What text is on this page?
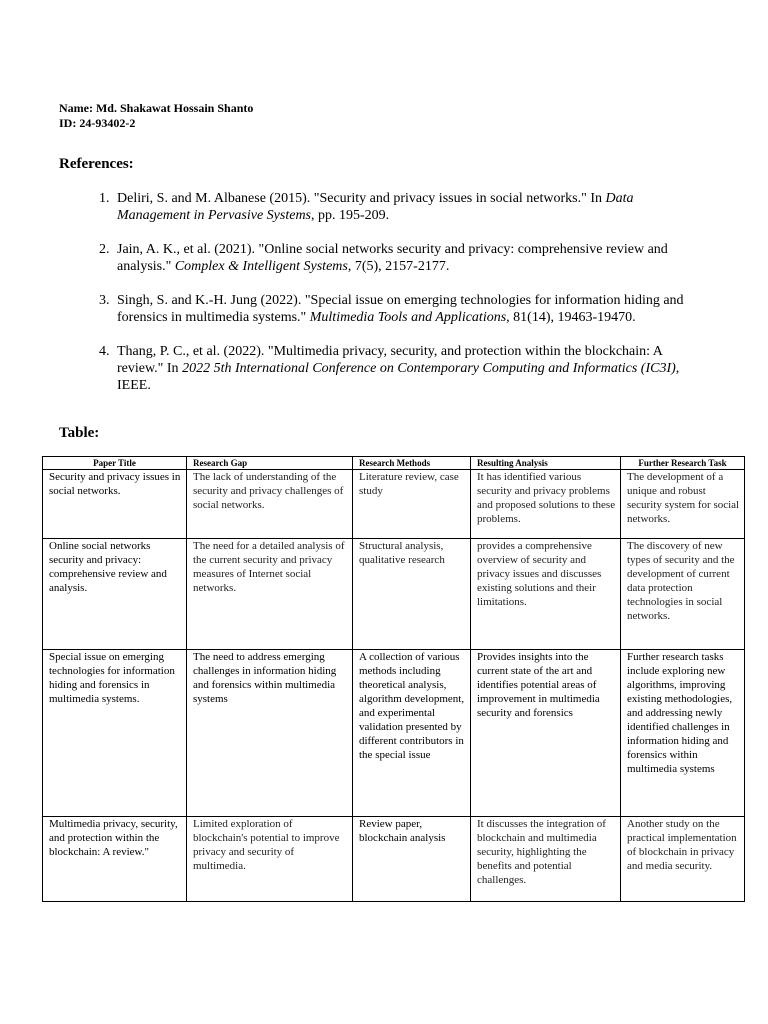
Name: Md. Shakawat Hossain Shanto
ID: 24-93402-2
References:
1. Deliri, S. and M. Albanese (2015). "Security and privacy issues in social networks." In Data Management in Pervasive Systems, pp. 195-209.
2. Jain, A. K., et al. (2021). "Online social networks security and privacy: comprehensive review and analysis." Complex & Intelligent Systems, 7(5), 2157-2177.
3. Singh, S. and K.-H. Jung (2022). "Special issue on emerging technologies for information hiding and forensics in multimedia systems." Multimedia Tools and Applications, 81(14), 19463-19470.
4. Thang, P. C., et al. (2022). "Multimedia privacy, security, and protection within the blockchain: A review." In 2022 5th International Conference on Contemporary Computing and Informatics (IC3I), IEEE.
Table:
Paper Title	Research Gap	Research Methods	Resulting Analysis	Further Research Task
Security and privacy issues in social networks.	The lack of understanding of the security and privacy challenges of social networks.	Literature review, case study	It has identified various security and privacy problems and proposed solutions to these problems.	The development of a unique and robust security system for social networks.
Online social networks security and privacy: comprehensive review and analysis.	The need for a detailed analysis of the current security and privacy measures of Internet social networks.	Structural analysis, qualitative research	provides a comprehensive overview of security and privacy issues and discusses existing solutions and their limitations.	The discovery of new types of security and the development of current data protection technologies in social networks.
Special issue on emerging technologies for information hiding and forensics in multimedia systems.	The need to address emerging challenges in information hiding and forensics within multimedia systems	A collection of various methods including theoretical analysis, algorithm development, and experimental validation presented by different contributors in the special issue	Provides insights into the current state of the art and identifies potential areas of improvement in multimedia security and forensics	Further research tasks include exploring new algorithms, improving existing methodologies, and addressing newly identified challenges in information hiding and forensics within multimedia systems
Multimedia privacy, security, and protection within the blockchain: A review."	Limited exploration of blockchain's potential to improve privacy and security of multimedia.	Review paper, blockchain analysis	It discusses the integration of blockchain and multimedia security, highlighting the benefits and potential challenges.	Another study on the practical implementation of blockchain in privacy and media security.
